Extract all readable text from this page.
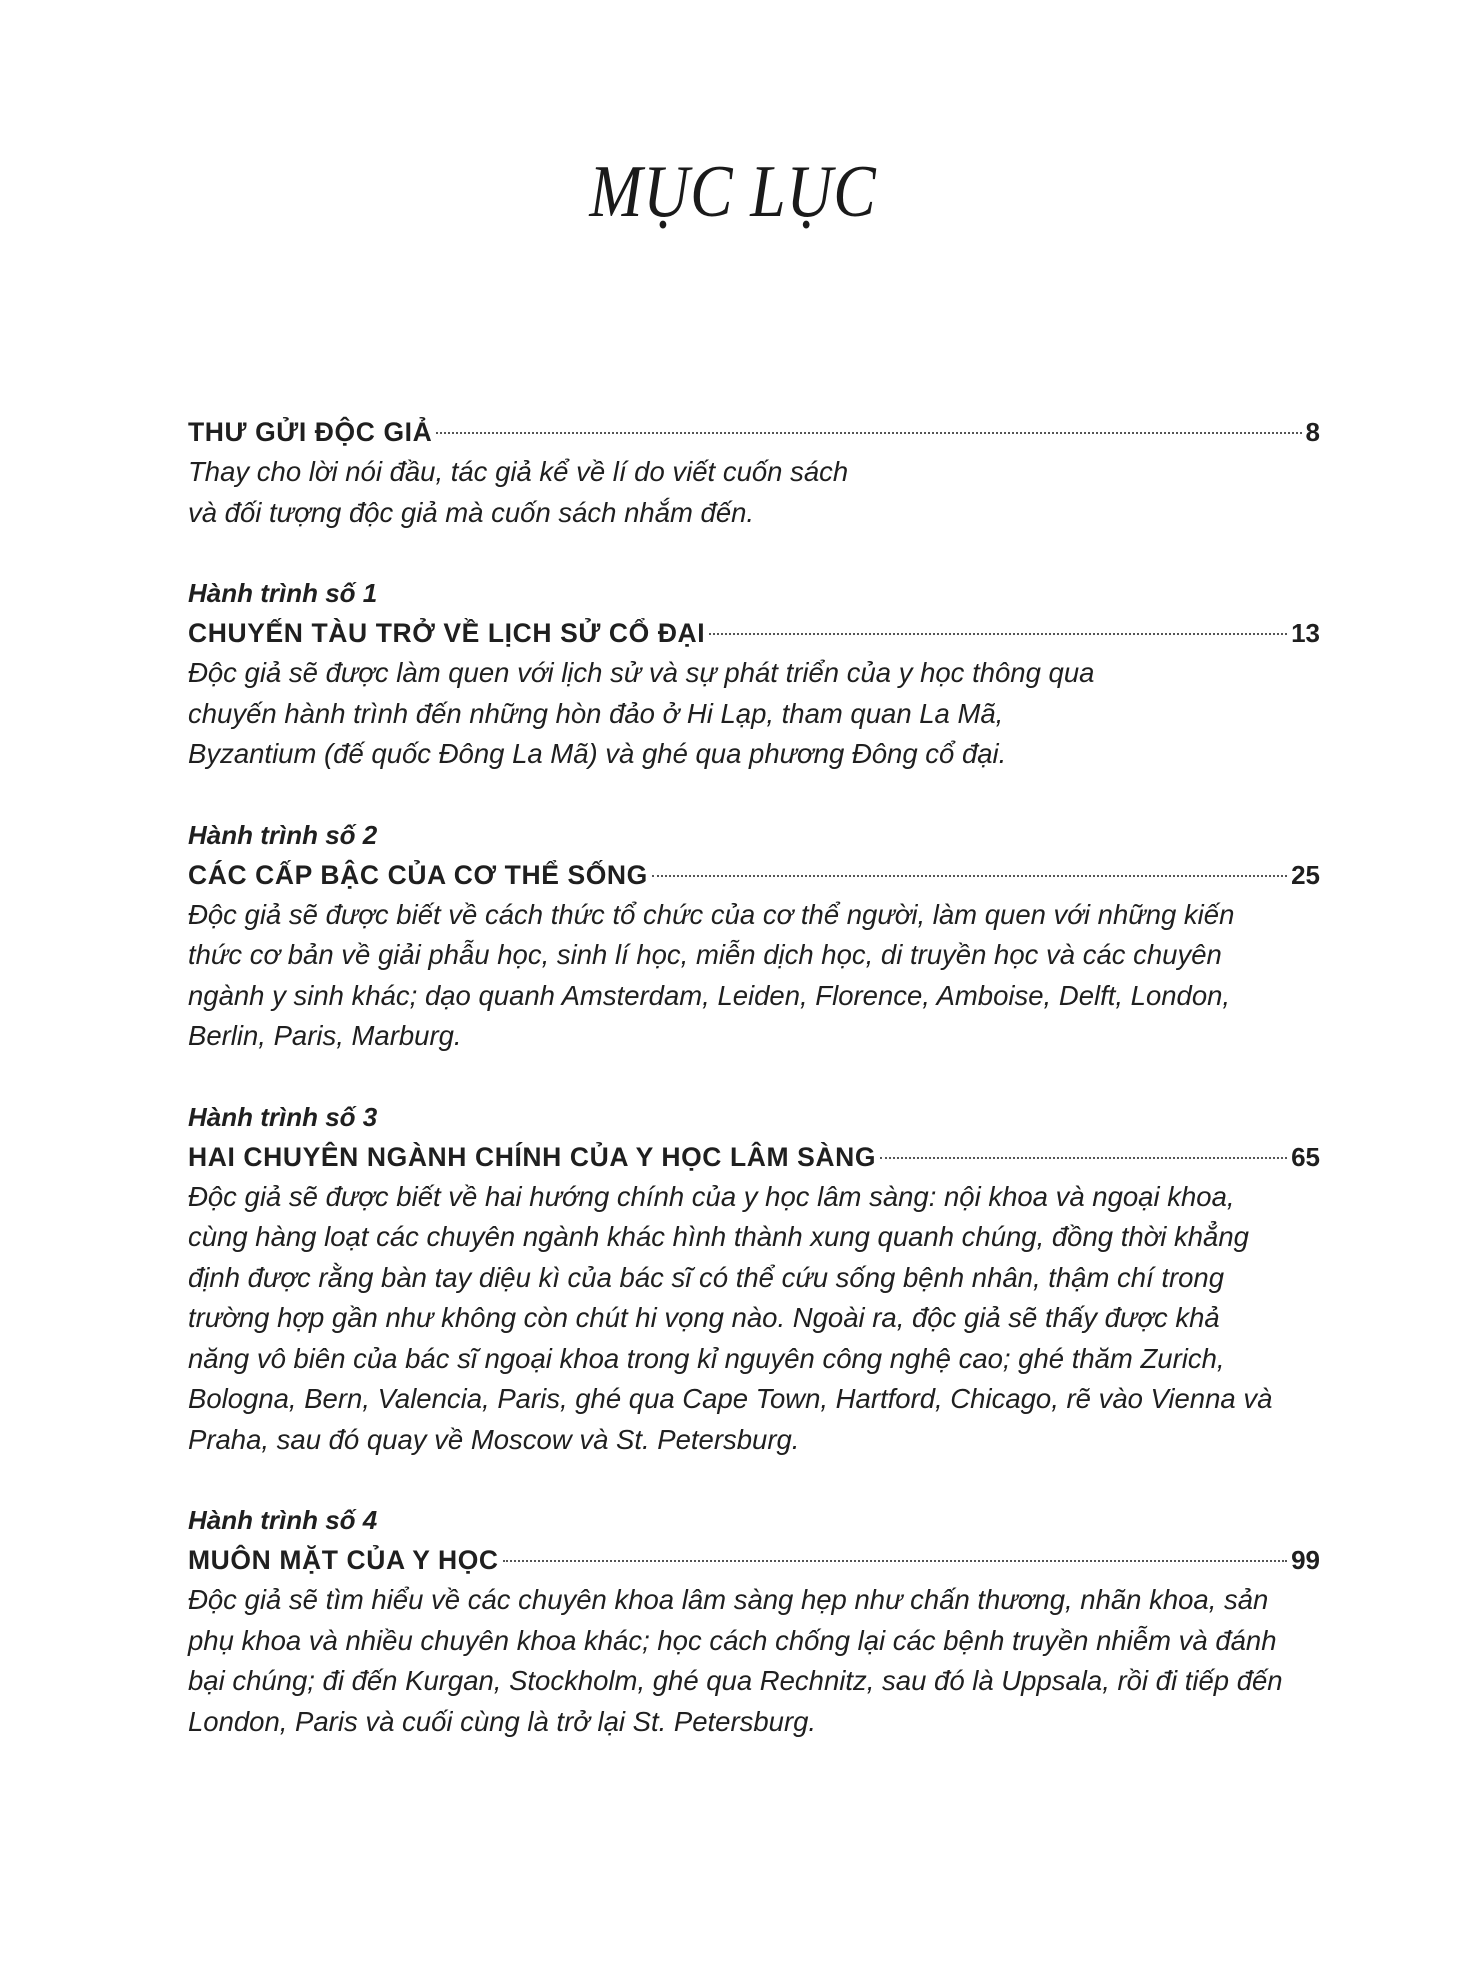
MỤC LỤC
THƯ GỬI ĐỘC GIẢ	8
Thay cho lời nói đầu, tác giả kể về lí do viết cuốn sách
và đối tượng độc giả mà cuốn sách nhắm đến.
Hành trình số 1
CHUYẾN TÀU TRỞ VỀ LỊCH SỬ CỔ ĐẠI	13
Độc giả sẽ được làm quen với lịch sử và sự phát triển của y học thông qua
chuyến hành trình đến những hòn đảo ở Hi Lạp, tham quan La Mã,
Byzantium (đế quốc Đông La Mã) và ghé qua phương Đông cổ đại.
Hành trình số 2
CÁC CẤP BẬC CỦA CƠ THỂ SỐNG	25
Độc giả sẽ được biết về cách thức tổ chức của cơ thể người, làm quen với những kiến
thức cơ bản về giải phẫu học, sinh lí học, miễn dịch học, di truyền học và các chuyên
ngành y sinh khác; dạo quanh Amsterdam, Leiden, Florence, Amboise, Delft, London,
Berlin, Paris, Marburg.
Hành trình số 3
HAI CHUYÊN NGÀNH CHÍNH CỦA Y HỌC LÂM SÀNG	65
Độc giả sẽ được biết về hai hướng chính của y học lâm sàng: nội khoa và ngoại khoa,
cùng hàng loạt các chuyên ngành khác hình thành xung quanh chúng, đồng thời khẳng
định được rằng bàn tay diệu kì của bác sĩ có thể cứu sống bệnh nhân, thậm chí trong
trường hợp gần như không còn chút hi vọng nào. Ngoài ra, độc giả sẽ thấy được khả
năng vô biên của bác sĩ ngoại khoa trong kỉ nguyên công nghệ cao; ghé thăm Zurich,
Bologna, Bern, Valencia, Paris, ghé qua Cape Town, Hartford, Chicago, rẽ vào Vienna và
Praha, sau đó quay về Moscow và St. Petersburg.
Hành trình số 4
MUÔN MẶT CỦA Y HỌC	99
Độc giả sẽ tìm hiểu về các chuyên khoa lâm sàng hẹp như chấn thương, nhãn khoa, sản
phụ khoa và nhiều chuyên khoa khác; học cách chống lại các bệnh truyền nhiễm và đánh
bại chúng; đi đến Kurgan, Stockholm, ghé qua Rechnitz, sau đó là Uppsala, rồi đi tiếp đến
London, Paris và cuối cùng là trở lại St. Petersburg.
